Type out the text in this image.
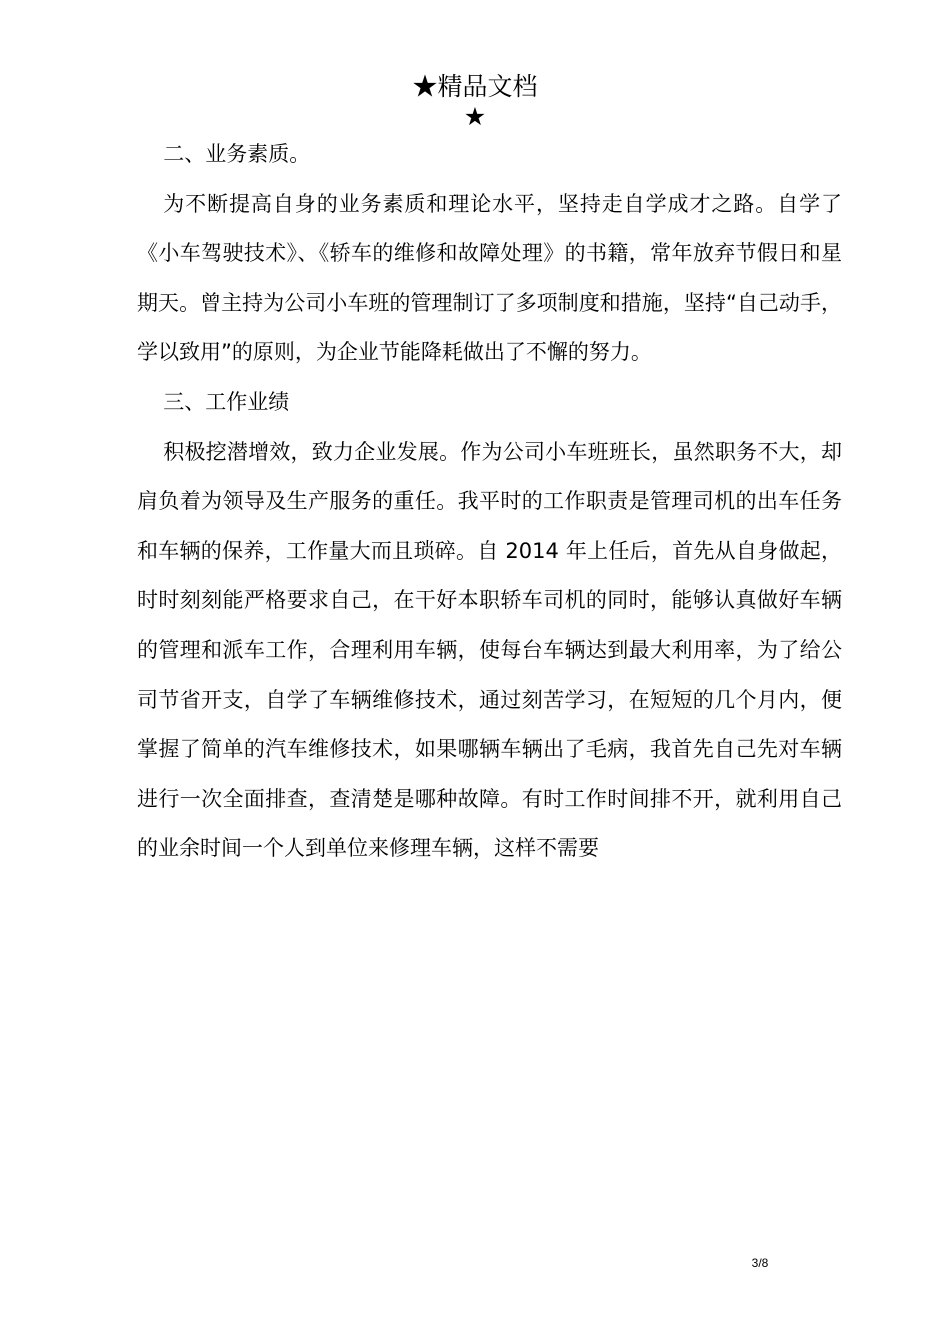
★精品文档
★

二、业务素质。

为不断提高自身的业务素质和理论水平，坚持走自学成才之路。自学了《小车驾驶技术》、《轿车的维修和故障处理》的书籍，常年放弃节假日和星期天。曾主持为公司小车班的管理制订了多项制度和措施，坚持“自己动手，学以致用”的原则，为企业节能降耗做出了不懈的努力。

三、工作业绩

积极挖潜增效，致力企业发展。作为公司小车班班长，虽然职务不大，却肩负着为领导及生产服务的重任。我平时的工作职责是管理司机的出车任务和车辆的保养，工作量大而且琐碎。自 2014 年上任后，首先从自身做起，时时刻刻能严格要求自己，在干好本职轿车司机的同时，能够认真做好车辆的管理和派车工作，合理利用车辆，使每台车辆达到最大利用率，为了给公司节省开支，自学了车辆维修技术，通过刻苦学习，在短短的几个月内，便掌握了简单的汽车维修技术，如果哪辆车辆出了毛病，我首先自己先对车辆进行一次全面排查，查清楚是哪种故障。有时工作时间排不开，就利用自己的业余时间一个人到单位来修理车辆，这样不需要

3/8
